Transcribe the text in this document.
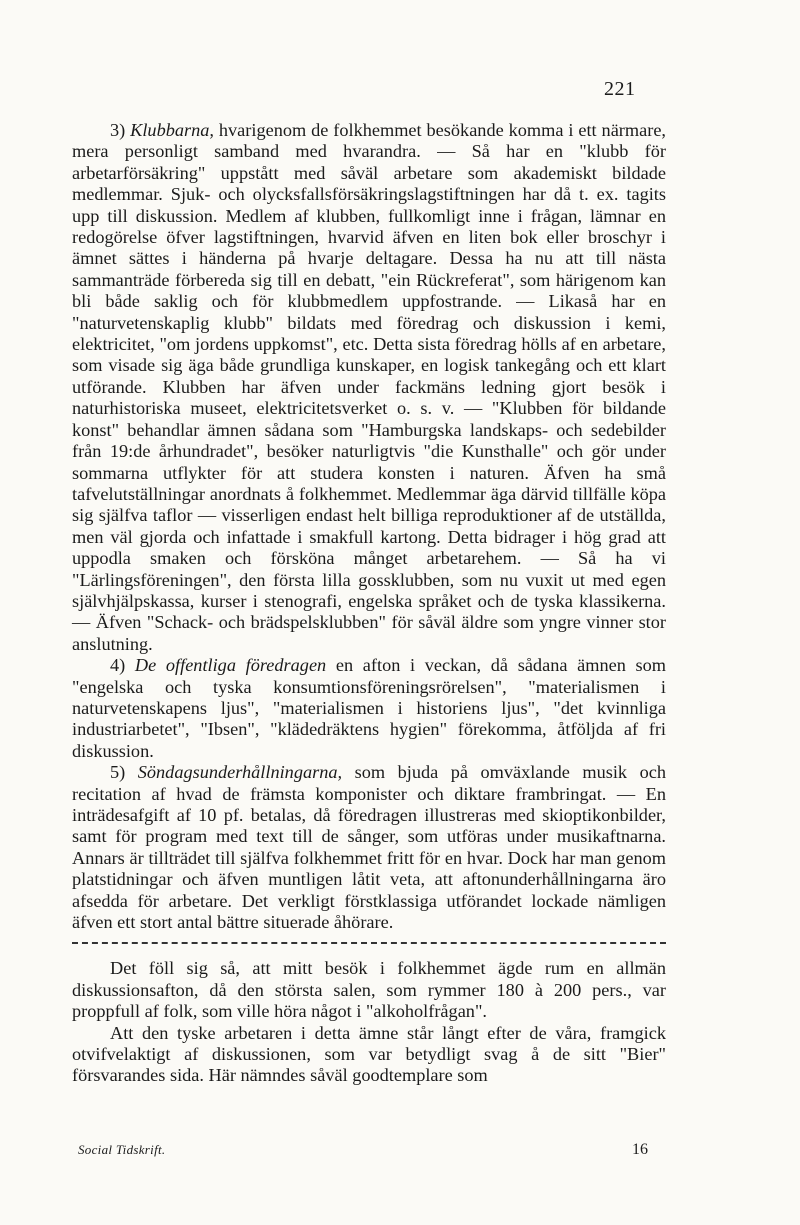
221

3) Klubbarna, hvarigenom de folkhemmet besökande komma i ett närmare, mera personligt samband med hvarandra. — Så har en "klubb för arbetarförsäkring" uppstått med såväl arbetare som akademiskt bildade medlemmar. Sjuk- och olycksfallsförsäkringslagstiftningen har då t. ex. tagits upp till diskussion. Medlem af klubben, fullkomligt inne i frågan, lämnar en redogörelse öfver lagstiftningen, hvarvid äfven en liten bok eller broschyr i ämnet sättes i händerna på hvarje deltagare. Dessa ha nu att till nästa sammanträde förbereda sig till en debatt, "ein Rückreferat", som härigenom kan bli både saklig och för klubbmedlem uppfostrande. — Likaså har en "naturvetenskaplig klubb" bildats med föredrag och diskussion i kemi, elektricitet, "om jordens uppkomst", etc. Detta sista föredrag hölls af en arbetare, som visade sig äga både grundliga kunskaper, en logisk tankegång och ett klart utförande. Klubben har äfven under fackmäns ledning gjort besök i naturhistoriska museet, elektricitetsverket o. s. v. — "Klubben för bildande konst" behandlar ämnen sådana som "Hamburgska landskaps- och sedebilder från 19:de århundradet", besöker naturligtvis "die Kunsthalle" och gör under sommarna utflykter för att studera konsten i naturen. Äfven ha små tafvelutställningar anordnats å folkhemmet. Medlemmar äga därvid tillfälle köpa sig själfva taflor — visserligen endast helt billiga reproduktioner af de utställda, men väl gjorda och infattade i smakfull kartong. Detta bidrager i hög grad att uppodla smaken och försköna månget arbetarehem. — Så ha vi "Lärlingsföreningen", den första lilla gossklubben, som nu vuxit ut med egen självhjälpskassa, kurser i stenografi, engelska språket och de tyska klassikerna. — Äfven "Schack- och brädspelsklubben" för såväl äldre som yngre vinner stor anslutning.

4) De offentliga föredragen en afton i veckan, då sådana ämnen som "engelska och tyska konsumtionsföreningsrörelsen", "materialismen i naturvetenskapens ljus", "materialismen i historiens ljus", "det kvinnliga industriarbetet", "Ibsen", "klädedräktens hygien" förekomma, åtföljda af fri diskussion.

5) Söndagsunderhållningarna, som bjuda på omväxlande musik och recitation af hvad de främsta komponister och diktare frambringat. — En inträdesafgift af 10 pf. betalas, då föredragen illustreras med skioptikonbilder, samt för program med text till de sånger, som utföras under musikaftnarna. Annars är tillträdet till själfva folkhemmet fritt för en hvar. Dock har man genom platstidningar och äfven muntligen låtit veta, att aftonunderhållningarna äro afsedda för arbetare. Det verkligt förstklassiga utförandet lockade nämligen äfven ett stort antal bättre situerade åhörare.

Det föll sig så, att mitt besök i folkhemmet ägde rum en allmän diskussionsafton, då den största salen, som rymmer 180 à 200 pers., var proppfull af folk, som ville höra något i "alkoholfrågan".

Att den tyske arbetaren i detta ämne står långt efter de våra, framgick otvifvelaktigt af diskussionen, som var betydligt svag å de sitt "Bier" försvarandes sida. Här nämndes såväl goodtemplare som

Social Tidskrift.	16
